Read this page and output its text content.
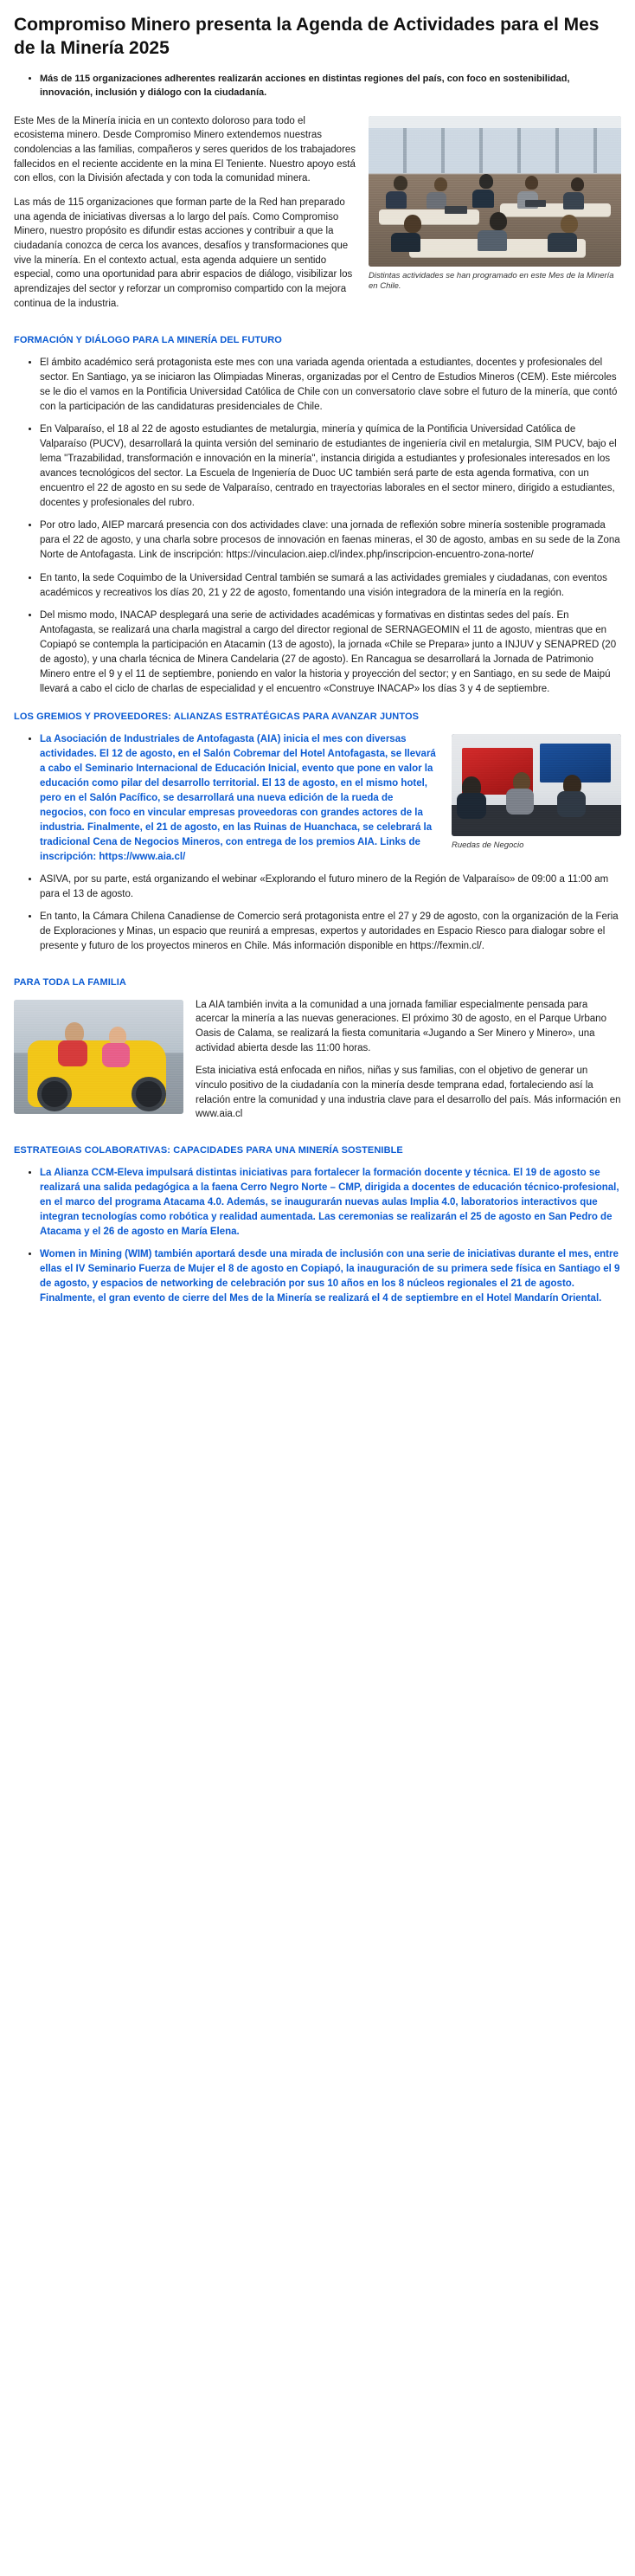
Compromiso Minero presenta la Agenda de Actividades para el Mes de la Minería 2025
• Más de 115 organizaciones adherentes realizarán acciones en distintas regiones del país, con foco en sostenibilidad, innovación, inclusión y diálogo con la ciudadanía.
Distintas actividades se han programado en este Mes de la Minería en Chile.

Este Mes de la Minería inicia en un contexto doloroso para todo el ecosistema minero. Desde Compromiso Minero extendemos nuestras condolencias a las familias, compañeros y seres queridos de los trabajadores fallecidos en el reciente accidente en la mina El Teniente. Nuestro apoyo está con ellos, con la División afectada y con toda la comunidad minera.

Las más de 115 organizaciones que forman parte de la Red han preparado una agenda de iniciativas diversas a lo largo del país. Como Compromiso Minero, nuestro propósito es difundir estas acciones y contribuir a que la ciudadanía conozca de cerca los avances, desafíos y transformaciones que vive la minería. En el contexto actual, esta agenda adquiere un sentido especial, como una oportunidad para abrir espacios de diálogo, visibilizar los aprendizajes del sector y reforzar un compromiso compartido con la mejora continua de la industria.

FORMACIÓN Y DIÁLOGO PARA LA MINERÍA DEL FUTURO
• El ámbito académico será protagonista este mes con una variada agenda orientada a estudiantes, docentes y profesionales del sector. En Santiago, ya se iniciaron las Olimpiadas Mineras, organizadas por el Centro de Estudios Mineros (CEM). Este miércoles se le dio el vamos en la Pontificia Universidad Católica de Chile con un conversatorio clave sobre el futuro de la minería, que contó con la participación de las candidaturas presidenciales de Chile.
• En Valparaíso, el 18 al 22 de agosto estudiantes de metalurgia, minería y química de la Pontificia Universidad Católica de Valparaíso (PUCV), desarrollará la quinta versión del seminario de estudiantes de ingeniería civil en metalurgia, SIM PUCV, bajo el lema "Trazabilidad, transformación e innovación en la minería", instancia dirigida a estudiantes y profesionales interesados en los avances tecnológicos del sector. La Escuela de Ingeniería de Duoc UC también será parte de esta agenda formativa, con un encuentro el 22 de agosto en su sede de Valparaíso, centrado en trayectorias laborales en el sector minero, dirigido a estudiantes, docentes y profesionales del rubro.
• Por otro lado, AIEP marcará presencia con dos actividades clave: una jornada de reflexión sobre minería sostenible programada para el 22 de agosto, y una charla sobre procesos de innovación en faenas mineras, el 30 de agosto, ambas en su sede de la Zona Norte de Antofagasta. Link de inscripción: https://vinculacion.aiep.cl/index.php/inscripcion-encuentro-zona-norte/
• En tanto, la sede Coquimbo de la Universidad Central también se sumará a las actividades gremiales y ciudadanas, con eventos académicos y recreativos los días 20, 21 y 22 de agosto, fomentando una visión integradora de la minería en la región.
• Del mismo modo, INACAP desplegará una serie de actividades académicas y formativas en distintas sedes del país. En Antofagasta, se realizará una charla magistral a cargo del director regional de SERNAGEOMIN el 11 de agosto, mientras que en Copiapó se contempla la participación en Atacamin (13 de agosto), la jornada «Chile se Prepara» junto a INJUV y SENAPRED (20 de agosto), y una charla técnica de Minera Candelaria (27 de agosto). En Rancagua se desarrollará la Jornada de Patrimonio Minero entre el 9 y el 11 de septiembre, poniendo en valor la historia y proyección del sector; y en Santiago, en su sede de Maipú llevará a cabo el ciclo de charlas de especialidad y el encuentro «Construye INACAP» los días 3 y 4 de septiembre.
LOS GREMIOS Y PROVEEDORES: ALIANZAS ESTRATÉGICAS PARA AVANZAR JUNTOS
Ruedas de Negocio
• La Asociación de Industriales de Antofagasta (AIA) inicia el mes con diversas actividades. El 12 de agosto, en el Salón Cobremar del Hotel Antofagasta, se llevará a cabo el Seminario Internacional de Educación Inicial, evento que pone en valor la educación como pilar del desarrollo territorial. El 13 de agosto, en el mismo hotel, pero en el Salón Pacífico, se desarrollará una nueva edición de la rueda de negocios, con foco en vincular empresas proveedoras con grandes actores de la industria. Finalmente, el 21 de agosto, en las Ruinas de Huanchaca, se celebrará la tradicional Cena de Negocios Mineros, con entrega de los premios AIA. Links de inscripción: https://www.aia.cl/
• ASIVA, por su parte, está organizando el webinar «Explorando el futuro minero de la Región de Valparaíso» de 09:00 a 11:00 am para el 13 de agosto.
• En tanto, la Cámara Chilena Canadiense de Comercio será protagonista entre el 27 y 29 de agosto, con la organización de la Feria de Exploraciones y Minas, un espacio que reunirá a empresas, expertos y autoridades en Espacio Riesco para dialogar sobre el presente y futuro de los proyectos mineros en Chile. Más información disponible en https://fexmin.cl/.
PARA TODA LA FAMILIA

La AIA también invita a la comunidad a una jornada familiar especialmente pensada para acercar la minería a las nuevas generaciones. El próximo 30 de agosto, en el Parque Urbano Oasis de Calama, se realizará la fiesta comunitaria «Jugando a Ser Minero y Minero», una actividad abierta desde las 11:00 horas.

Esta iniciativa está enfocada en niños, niñas y sus familias, con el objetivo de generar un vínculo positivo de la ciudadanía con la minería desde temprana edad, fortaleciendo así la relación entre la comunidad y una industria clave para el desarrollo del país. Más información en www.aia.cl

ESTRATEGIAS COLABORATIVAS: CAPACIDADES PARA UNA MINERÍA SOSTENIBLE
• La Alianza CCM-Eleva impulsará distintas iniciativas para fortalecer la formación docente y técnica. El 19 de agosto se realizará una salida pedagógica a la faena Cerro Negro Norte – CMP, dirigida a docentes de educación técnico-profesional, en el marco del programa Atacama 4.0. Además, se inaugurarán nuevas aulas Implia 4.0, laboratorios interactivos que integran tecnologías como robótica y realidad aumentada. Las ceremonias se realizarán el 25 de agosto en San Pedro de Atacama y el 26 de agosto en María Elena.
• Women in Mining (WIM) también aportará desde una mirada de inclusión con una serie de iniciativas durante el mes, entre ellas el IV Seminario Fuerza de Mujer el 8 de agosto en Copiapó, la inauguración de su primera sede física en Santiago el 9 de agosto, y espacios de networking de celebración por sus 10 años en los 8 núcleos regionales el 21 de agosto. Finalmente, el gran evento de cierre del Mes de la Minería se realizará el 4 de septiembre en el Hotel Mandarín Oriental.
